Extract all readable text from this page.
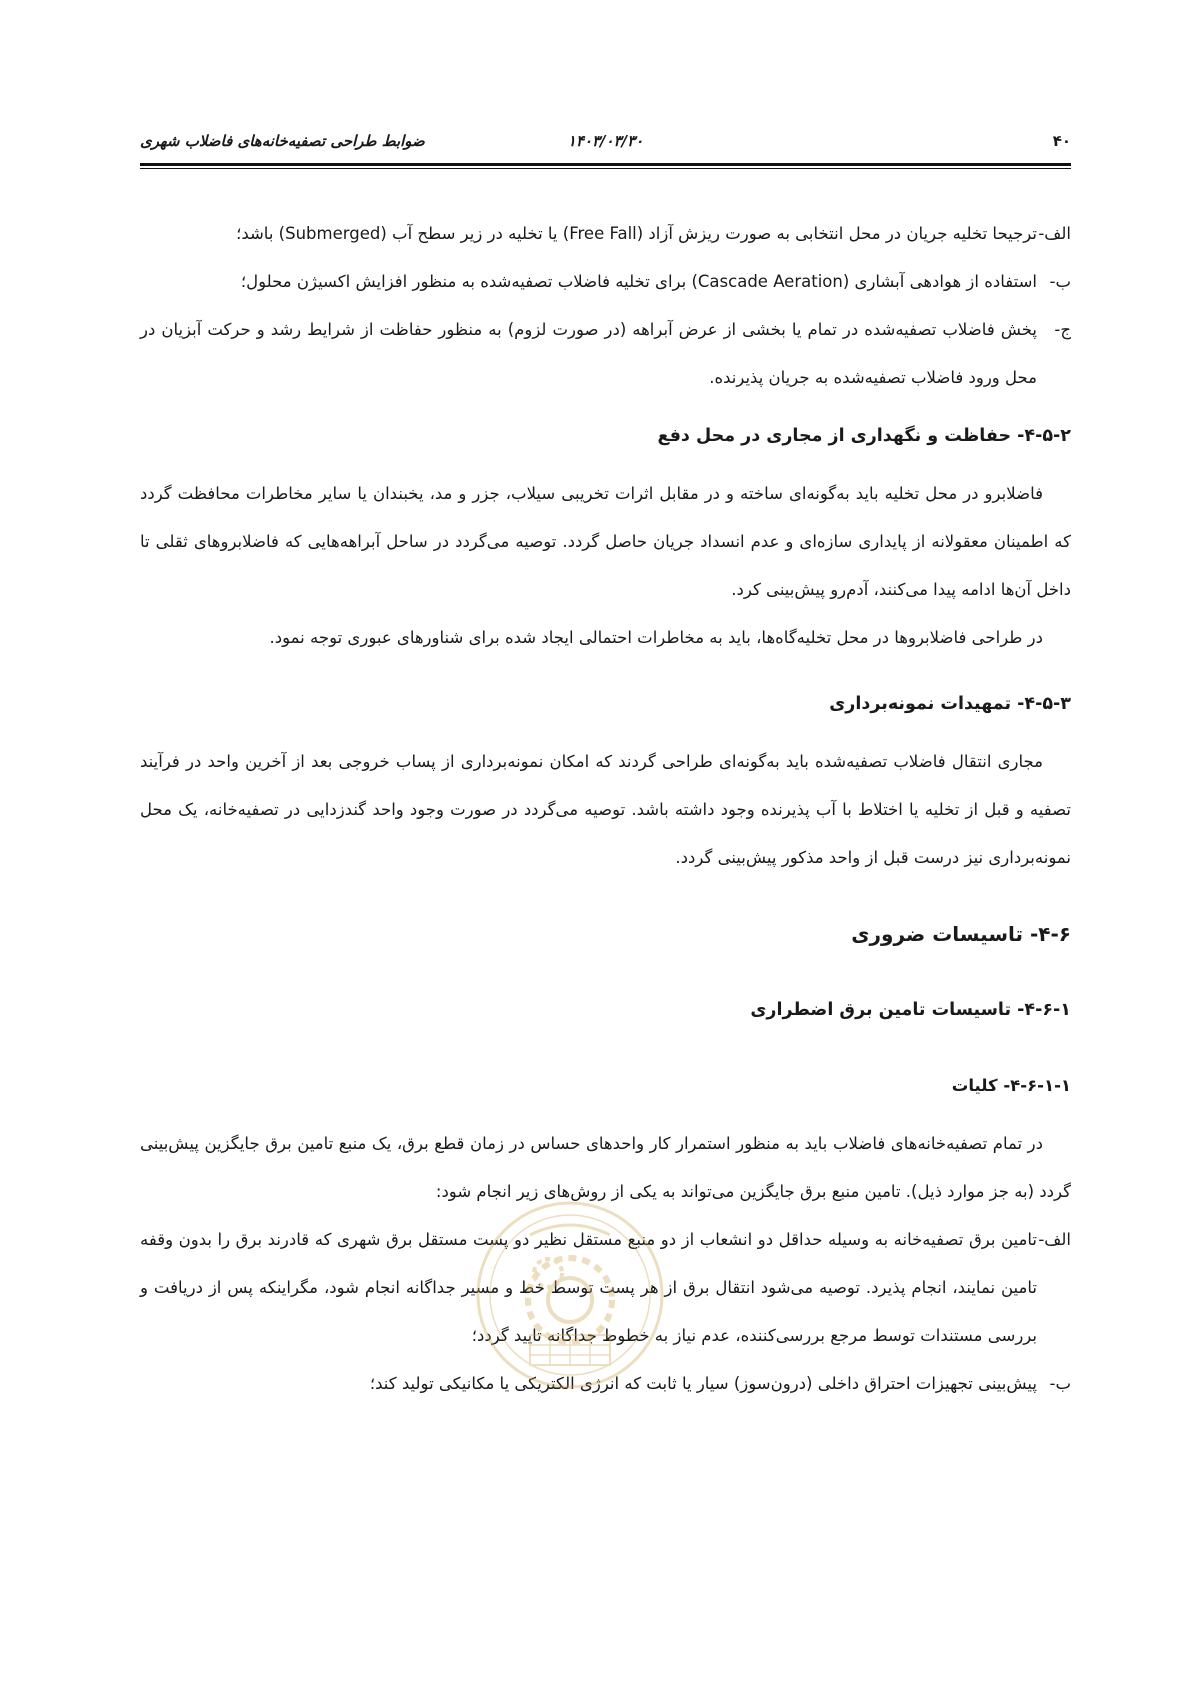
۴۰
۱۴۰۳/۰۳/۳۰
ضوابط طراحی تصفیه‌خانه‌های فاضلاب شهری
الف-
ترجیحا تخلیه جریان در محل انتخابی به صورت ریزش آزاد (Free Fall) یا تخلیه در زیر سطح آب (Submerged) باشد؛
ب-
استفاده از هوادهی آبشاری (Cascade Aeration) برای تخلیه فاضلاب تصفیه‌شده به منظور افزایش اکسیژن محلول؛
ج-
پخش فاضلاب تصفیه‌شده در تمام یا بخشی از عرض آبراهه (در صورت لزوم) به منظور حفاظت از شرایط رشد و حرکت آبزیان در محل ورود فاضلاب تصفیه‌شده به جریان پذیرنده.
۴-۵-۲- حفاظت و نگهداری از مجاری در محل دفع

فاضلابرو در محل تخلیه باید به‌گونه‌ای ساخته و در مقابل اثرات تخریبی سیلاب، جزر و مد، یخبندان یا سایر مخاطرات محافظت گردد که اطمینان معقولانه از پایداری سازه‌ای و عدم انسداد جریان حاصل گردد. توصیه می‌گردد در ساحل آبراهه‌هایی که فاضلابروهای ثقلی تا داخل آن‌ها ادامه پیدا می‌کنند، آدم‌رو پیش‌بینی کرد.

در طراحی فاضلابروها در محل تخلیه‌گاه‌ها، باید به مخاطرات احتمالی ایجاد شده برای شناورهای عبوری توجه نمود.

۴-۵-۳- تمهیدات نمونه‌برداری

مجاری انتقال فاضلاب تصفیه‌شده باید به‌گونه‌ای طراحی گردند که امکان نمونه‌برداری از پساب خروجی بعد از آخرین واحد در فرآیند تصفیه و قبل از تخلیه یا اختلاط با آب پذیرنده وجود داشته باشد. توصیه می‌گردد در صورت وجود واحد گندزدایی در تصفیه‌خانه، یک محل نمونه‌برداری نیز درست قبل از واحد مذکور پیش‌بینی گردد.

۴-۶- تاسیسات ضروری
۴-۶-۱- تاسیسات تامین برق اضطراری
۴-۶-۱-۱- کلیات

در تمام تصفیه‌خانه‌های فاضلاب باید به منظور استمرار کار واحدهای حساس در زمان قطع برق، یک منبع تامین برق جایگزین پیش‌بینی گردد (به جز موارد ذیل). تامین منبع برق جایگزین می‌تواند به یکی از روش‌های زیر انجام شود:

الف-
تامین برق تصفیه‌خانه به وسیله حداقل دو انشعاب از دو منبع مستقل نظیر دو پست مستقل برق شهری که قادرند برق را بدون وقفه تامین نمایند، انجام پذیرد. توصیه می‌شود انتقال برق از هر پست توسط خط و مسیر جداگانه انجام شود، مگراینکه پس از دریافت و بررسی مستندات توسط مرجع بررسی‌کننده، عدم نیاز به خطوط جداگانه تایید گردد؛
ب-
پیش‌بینی تجهیزات احتراق داخلی (درون‌سوز) سیار یا ثابت که انرژی الکتریکی یا مکانیکی تولید کند؛
